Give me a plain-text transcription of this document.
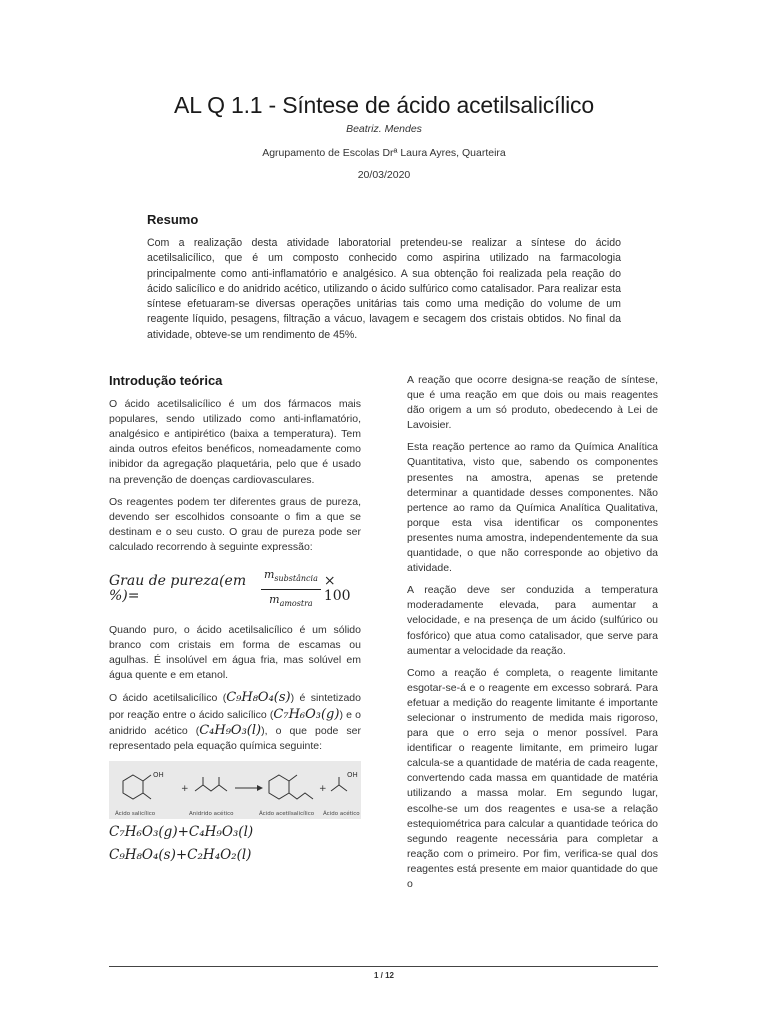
AL Q 1.1 - Síntese de ácido acetilsalicílico
Beatriz. Mendes
Agrupamento de Escolas Drª Laura Ayres, Quarteira
20/03/2020
Resumo

Com a realização desta atividade laboratorial pretendeu-se realizar a síntese do ácido acetilsalicílico, que é um composto conhecido como aspirina utilizado na farmacologia principalmente como anti-inflamatório e analgésico. A sua obtenção foi realizada pela reação do ácido salicílico e do anidrido acético, utilizando o ácido sulfúrico como catalisador. Para realizar esta síntese efetuaram-se diversas operações unitárias tais como uma medição do volume de um reagente líquido, pesagens, filtração a vácuo, lavagem e secagem dos cristais obtidos. No final da atividade, obteve-se um rendimento de 45%.

Introdução teórica

O ácido acetilsalicílico é um dos fármacos mais populares, sendo utilizado como anti-inflamatório, analgésico e antipirético (baixa a temperatura). Tem ainda outros efeitos benéficos, nomeadamente como inibidor da agregação plaquetária, pelo que é usado na prevenção de doenças cardiovasculares.

Os reagentes podem ter diferentes graus de pureza, devendo ser escolhidos consoante o fim a que se destinam e o seu custo. O grau de pureza pode ser calculado recorrendo à seguinte expressão:

Grau de pureza(em %)=	$\frac{m_{substância}}{m_{amostra}} \times 100$

Quando puro, o ácido acetilsalicílico é um sólido branco com cristais em forma de escamas ou agulhas. É insolúvel em água fria, mas solúvel em água quente e em etanol.

O ácido acetilsalicílico (C₉H₈O₄(s)) é sintetizado por reação entre o ácido salicílico (C₇H₆O₃(g)) e o anidrido acético (C₄H₉O₃(l)), o que pode ser representado pela equação química seguinte:

OH
+	+
OH
Ácido salicílico	Anidrido acético	Ácido acetilsalicílico Ácido acético
C₇H₆O₃(g)+C₄H₉O₃(l)
C₉H₈O₄(s)+C₂H₄O₂(l)

A reação que ocorre designa-se reação de síntese, que é uma reação em que dois ou mais reagentes dão origem a um só produto, obedecendo à Lei de Lavoisier.

Esta reação pertence ao ramo da Química Analítica Quantitativa, visto que, sabendo os componentes presentes na amostra, apenas se pretende determinar a quantidade desses componentes. Não pertence ao ramo da Química Analítica Qualitativa, porque esta visa identificar os componentes presentes numa amostra, independentemente da sua quantidade, o que não corresponde ao objetivo da atividade.

A reação deve ser conduzida a temperatura moderadamente elevada, para aumentar a velocidade, e na presença de um ácido (sulfúrico ou fosfórico) que atua como catalisador, que serve para aumentar a velocidade da reação.

Como a reação é completa, o reagente limitante esgotar-se-á e o reagente em excesso sobrará. Para efetuar a medição do reagente limitante é importante selecionar o instrumento de medida mais rigoroso, para que o erro seja o menor possível. Para identificar o reagente limitante, em primeiro lugar calcula-se a quantidade de matéria de cada reagente, convertendo cada massa em quantidade de matéria utilizando a massa molar. Em segundo lugar, escolhe-se um dos reagentes e usa-se a relação estequiométrica para calcular a quantidade teórica do segundo reagente necessária para completar a reação com o primeiro. Por fim, verifica-se qual dos reagentes está presente em maior quantidade do que o

1 / 12
